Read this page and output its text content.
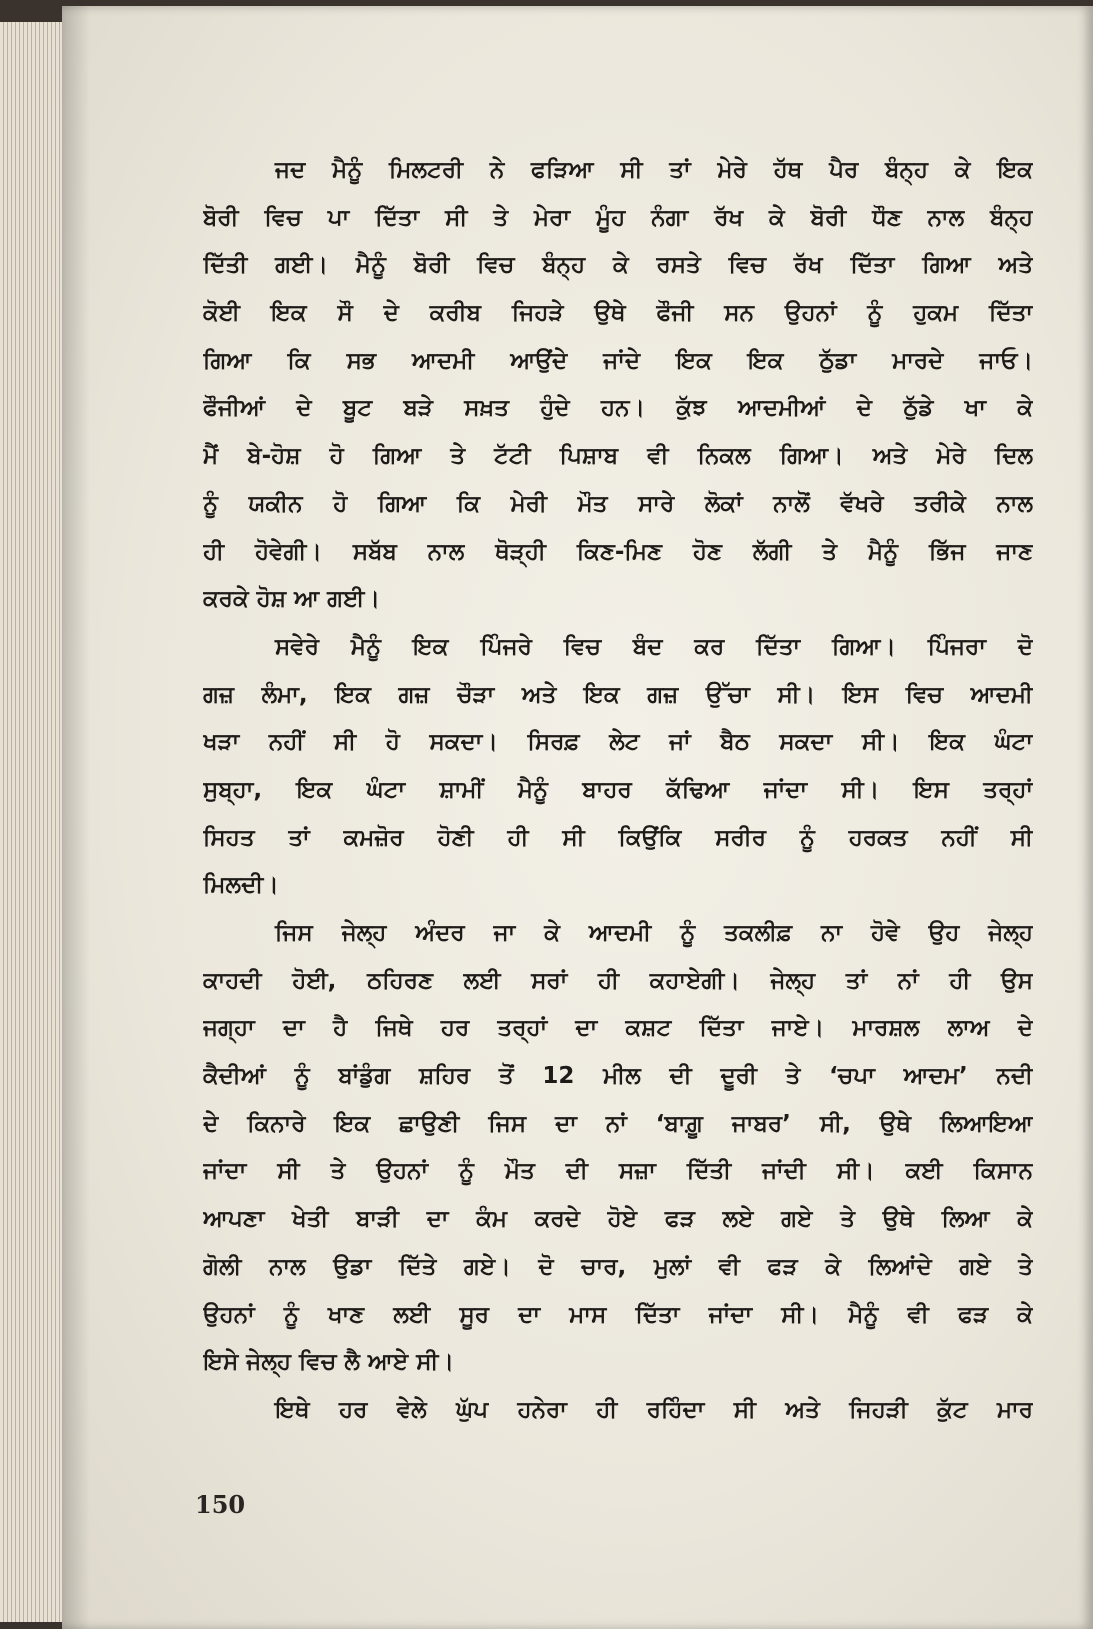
ਜਦ ਮੈਨੂੰ ਮਿਲਟਰੀ ਨੇ ਫੜਿਆ ਸੀ ਤਾਂ ਮੇਰੇ ਹੱਥ ਪੈਰ ਬੰਨ੍ਹ ਕੇ ਇਕ
ਬੋਰੀ ਵਿਚ ਪਾ ਦਿੱਤਾ ਸੀ ਤੇ ਮੇਰਾ ਮੂੰਹ ਨੰਗਾ ਰੱਖ ਕੇ ਬੋਰੀ ਧੌਣ ਨਾਲ ਬੰਨ੍ਹ
ਦਿੱਤੀ ਗਈ। ਮੈਨੂੰ ਬੋਰੀ ਵਿਚ ਬੰਨ੍ਹ ਕੇ ਰਸਤੇ ਵਿਚ ਰੱਖ ਦਿੱਤਾ ਗਿਆ ਅਤੇ
ਕੋਈ ਇਕ ਸੌ ਦੇ ਕਰੀਬ ਜਿਹੜੇ ਉਥੇ ਫੌਜੀ ਸਨ ਉਹਨਾਂ ਨੂੰ ਹੁਕਮ ਦਿੱਤਾ
ਗਿਆ ਕਿ ਸਭ ਆਦਮੀ ਆਉਂਦੇ ਜਾਂਦੇ ਇਕ ਇਕ ਠੁੱਡਾ ਮਾਰਦੇ ਜਾਓ।
ਫੌਜੀਆਂ ਦੇ ਬੂਟ ਬੜੇ ਸਖ਼ਤ ਹੁੰਦੇ ਹਨ। ਕੁੱਝ ਆਦਮੀਆਂ ਦੇ ਠੁੱਡੇ ਖਾ ਕੇ
ਮੈਂ ਬੇ-ਹੋਸ਼ ਹੋ ਗਿਆ ਤੇ ਟੱਟੀ ਪਿਸ਼ਾਬ ਵੀ ਨਿਕਲ ਗਿਆ। ਅਤੇ ਮੇਰੇ ਦਿਲ
ਨੂੰ ਯਕੀਨ ਹੋ ਗਿਆ ਕਿ ਮੇਰੀ ਮੌਤ ਸਾਰੇ ਲੋਕਾਂ ਨਾਲੋਂ ਵੱਖਰੇ ਤਰੀਕੇ ਨਾਲ
ਹੀ ਹੋਵੇਗੀ। ਸਬੱਬ ਨਾਲ ਥੋੜ੍ਹੀ ਕਿਣ-ਮਿਣ ਹੋਣ ਲੱਗੀ ਤੇ ਮੈਨੂੰ ਭਿੱਜ ਜਾਣ
ਕਰਕੇ ਹੋਸ਼ ਆ ਗਈ।
ਸਵੇਰੇ ਮੈਨੂੰ ਇਕ ਪਿੰਜਰੇ ਵਿਚ ਬੰਦ ਕਰ ਦਿੱਤਾ ਗਿਆ। ਪਿੰਜਰਾ ਦੋ
ਗਜ਼ ਲੰਮਾ, ਇਕ ਗਜ਼ ਚੌੜਾ ਅਤੇ ਇਕ ਗਜ਼ ਉੱਚਾ ਸੀ। ਇਸ ਵਿਚ ਆਦਮੀ
ਖੜਾ ਨਹੀਂ ਸੀ ਹੋ ਸਕਦਾ। ਸਿਰਫ਼ ਲੇਟ ਜਾਂ ਬੈਠ ਸਕਦਾ ਸੀ। ਇਕ ਘੰਟਾ
ਸੁਬ੍ਹਾ, ਇਕ ਘੰਟਾ ਸ਼ਾਮੀਂ ਮੈਨੂੰ ਬਾਹਰ ਕੱਢਿਆ ਜਾਂਦਾ ਸੀ। ਇਸ ਤਰ੍ਹਾਂ
ਸਿਹਤ ਤਾਂ ਕਮਜ਼ੋਰ ਹੋਣੀ ਹੀ ਸੀ ਕਿਉਂਕਿ ਸਰੀਰ ਨੂੰ ਹਰਕਤ ਨਹੀਂ ਸੀ
ਮਿਲਦੀ।
ਜਿਸ ਜੇਲ੍ਹ ਅੰਦਰ ਜਾ ਕੇ ਆਦਮੀ ਨੂੰ ਤਕਲੀਫ਼ ਨਾ ਹੋਵੇ ਉਹ ਜੇਲ੍ਹ
ਕਾਹਦੀ ਹੋਈ, ਠਹਿਰਣ ਲਈ ਸਰਾਂ ਹੀ ਕਹਾਏਗੀ। ਜੇਲ੍ਹ ਤਾਂ ਨਾਂ ਹੀ ਉਸ
ਜਗ੍ਹਾ ਦਾ ਹੈ ਜਿਥੇ ਹਰ ਤਰ੍ਹਾਂ ਦਾ ਕਸ਼ਟ ਦਿੱਤਾ ਜਾਏ। ਮਾਰਸ਼ਲ ਲਾਅ ਦੇ
ਕੈਦੀਆਂ ਨੂੰ ਬਾਂਡੁੰਗ ਸ਼ਹਿਰ ਤੋਂ 12 ਮੀਲ ਦੀ ਦੂਰੀ ਤੇ ‘ਚਪਾ ਆਦਮ’ ਨਦੀ
ਦੇ ਕਿਨਾਰੇ ਇਕ ਛਾਉਣੀ ਜਿਸ ਦਾ ਨਾਂ ‘ਬਾਗ਼ੂ ਜਾਬਰ’ ਸੀ, ਉਥੇ ਲਿਆਇਆ
ਜਾਂਦਾ ਸੀ ਤੇ ਉਹਨਾਂ ਨੂੰ ਮੌਤ ਦੀ ਸਜ਼ਾ ਦਿੱਤੀ ਜਾਂਦੀ ਸੀ। ਕਈ ਕਿਸਾਨ
ਆਪਣਾ ਖੇਤੀ ਬਾੜੀ ਦਾ ਕੰਮ ਕਰਦੇ ਹੋਏ ਫੜ ਲਏ ਗਏ ਤੇ ਉਥੇ ਲਿਆ ਕੇ
ਗੋਲੀ ਨਾਲ ਉਡਾ ਦਿੱਤੇ ਗਏ। ਦੋ ਚਾਰ, ਮੁਲਾਂ ਵੀ ਫੜ ਕੇ ਲਿਆਂਦੇ ਗਏ ਤੇ
ਉਹਨਾਂ ਨੂੰ ਖਾਣ ਲਈ ਸੂਰ ਦਾ ਮਾਸ ਦਿੱਤਾ ਜਾਂਦਾ ਸੀ। ਮੈਨੂੰ ਵੀ ਫੜ ਕੇ
ਇਸੇ ਜੇਲ੍ਹ ਵਿਚ ਲੈ ਆਏ ਸੀ।
ਇਥੇ ਹਰ ਵੇਲੇ ਘੁੱਪ ਹਨੇਰਾ ਹੀ ਰਹਿੰਦਾ ਸੀ ਅਤੇ ਜਿਹੜੀ ਕੁੱਟ ਮਾਰ
150
